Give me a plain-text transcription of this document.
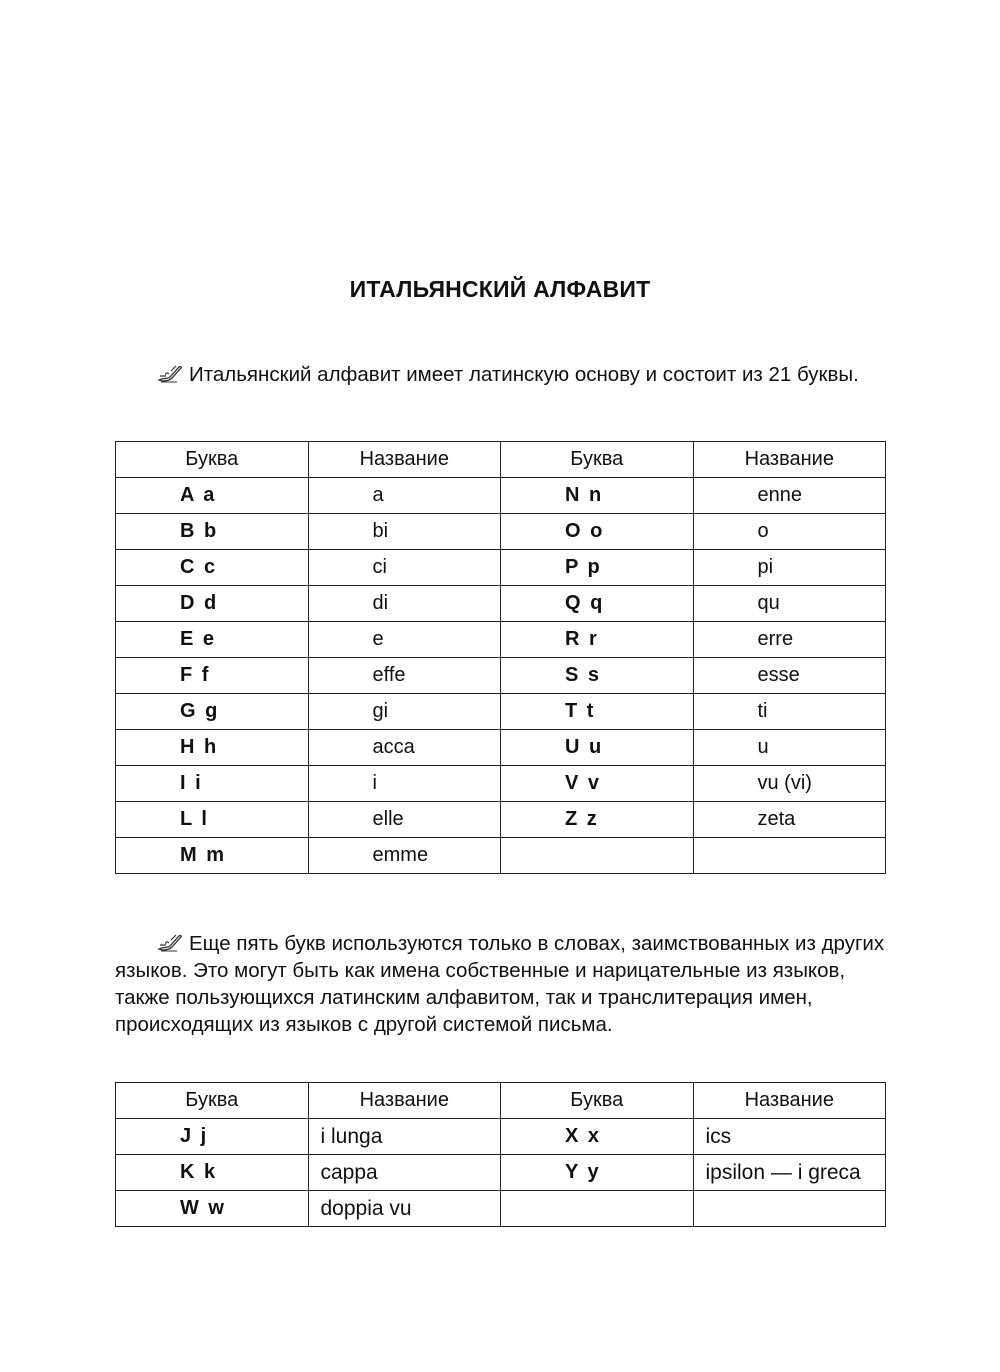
ИТАЛЬЯНСКИЙ АЛФАВИТ

Итальянский алфавит имеет латинскую основу и состоит из 21 буквы.

Буква	Название	Буква	Название
A a	a	N n	enne
B b	bi	O o	o
C c	ci	P p	pi
D d	di	Q q	qu
E e	e	R r	erre
F f	effe	S s	esse
G g	gi	T t	ti
H h	acca	U u	u
I i	i	V v	vu (vi)
L l	elle	Z z	zeta
M m	emme		

Еще пять букв используются только в словах, заимствованных из других языков. Это могут быть как имена собственные и нарицательные из языков, также пользующихся латинским алфавитом, так и транслитерация имен, происходящих из языков с другой системой письма.

Буква	Название	Буква	Название
J j	i lunga	X x	ics
K k	cappa	Y y	ipsilon — i greca
W w	doppia vu		
